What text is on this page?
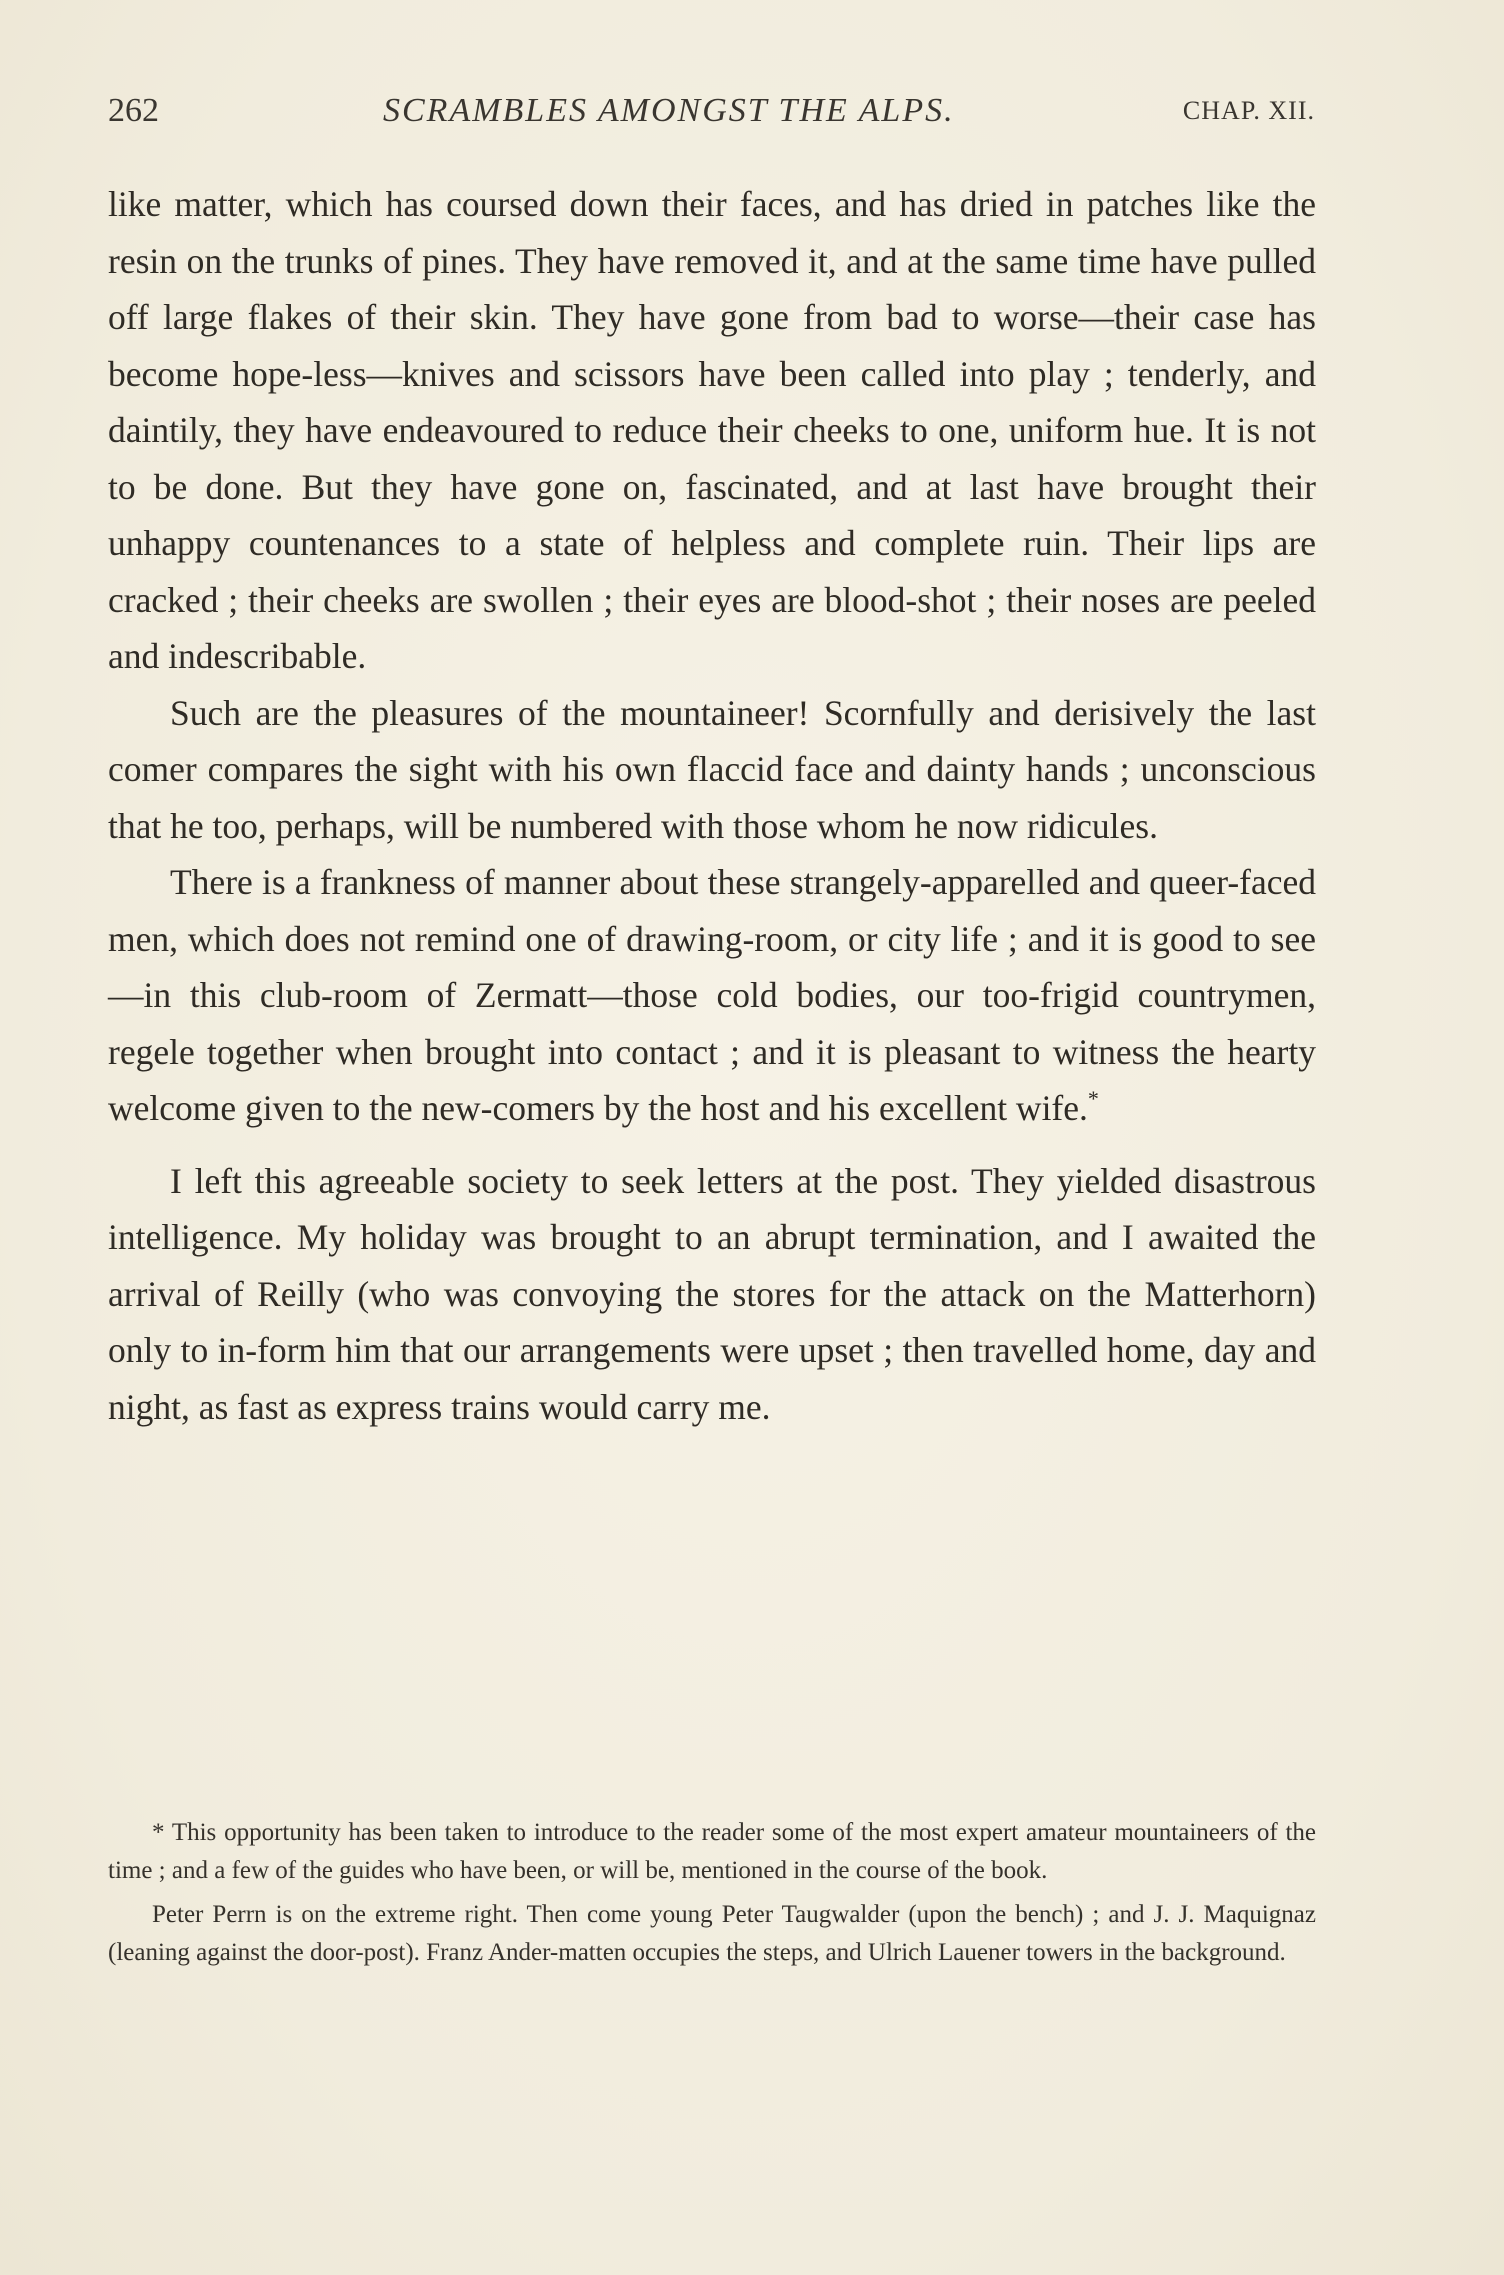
262	SCRAMBLES AMONGST THE ALPS.	CHAP. XII.

like matter, which has coursed down their faces, and has dried in patches like the resin on the trunks of pines. They have removed it, and at the same time have pulled off large flakes of their skin. They have gone from bad to worse—their case has become hope-less—knives and scissors have been called into play ; tenderly, and daintily, they have endeavoured to reduce their cheeks to one, uniform hue. It is not to be done. But they have gone on, fascinated, and at last have brought their unhappy countenances to a state of helpless and complete ruin. Their lips are cracked ; their cheeks are swollen ; their eyes are blood-shot ; their noses are peeled and indescribable.

Such are the pleasures of the mountaineer! Scornfully and derisively the last comer compares the sight with his own flaccid face and dainty hands ; unconscious that he too, perhaps, will be numbered with those whom he now ridicules.

There is a frankness of manner about these strangely-apparelled and queer-faced men, which does not remind one of drawing-room, or city life ; and it is good to see—in this club-room of Zermatt—those cold bodies, our too-frigid countrymen, regele together when brought into contact ; and it is pleasant to witness the hearty welcome given to the new-comers by the host and his excellent wife.*

I left this agreeable society to seek letters at the post. They yielded disastrous intelligence. My holiday was brought to an abrupt termination, and I awaited the arrival of Reilly (who was convoying the stores for the attack on the Matterhorn) only to in-form him that our arrangements were upset ; then travelled home, day and night, as fast as express trains would carry me.

* This opportunity has been taken to introduce to the reader some of the most expert amateur mountaineers of the time ; and a few of the guides who have been, or will be, mentioned in the course of the book.

Peter Perrn is on the extreme right. Then come young Peter Taugwalder (upon the bench) ; and J. J. Maquignaz (leaning against the door-post). Franz Ander-matten occupies the steps, and Ulrich Lauener towers in the background.
